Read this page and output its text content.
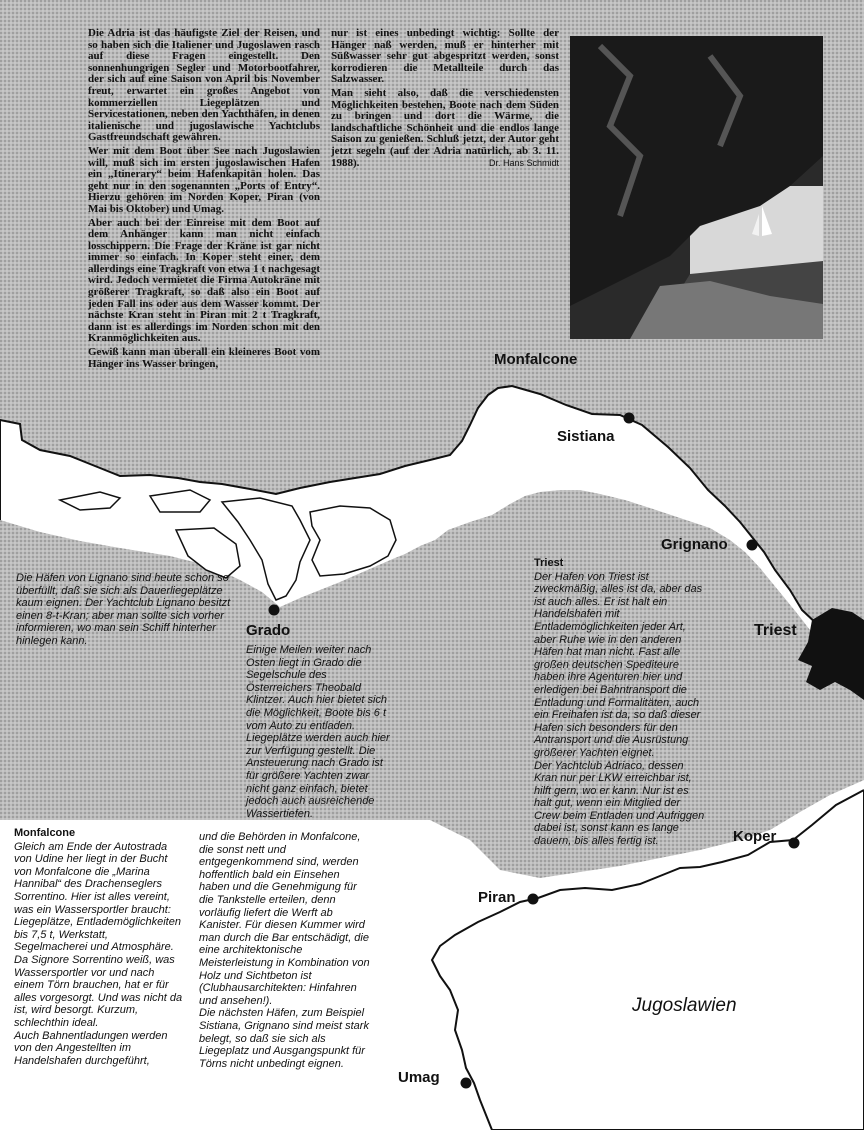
Die Adria ist das häufigste Ziel der Reisen, und so haben sich die Italiener und Jugoslawen rasch auf diese Fragen eingestellt. Den sonnenhungrigen Segler und Motorbootfahrer, der sich auf eine Saison von April bis November freut, erwartet ein großes Angebot von kommerziellen Liegeplätzen und Servicestationen, neben den Yachthäfen, in denen italienische und jugoslawische Yachtclubs Gastfreundschaft gewähren.

Wer mit dem Boot über See nach Jugoslawien will, muß sich im ersten jugoslawischen Hafen ein „Itinerary“ beim Hafenkapitän holen. Das geht nur in den sogenannten „Ports of Entry“. Hierzu gehören im Norden Koper, Piran (von Mai bis Oktober) und Umag.

Aber auch bei der Einreise mit dem Boot auf dem Anhänger kann man nicht einfach losschippern. Die Frage der Kräne ist gar nicht immer so einfach. In Koper steht einer, dem allerdings eine Tragkraft von etwa 1 t nachgesagt wird. Jedoch vermietet die Firma Autokräne mit größerer Tragkraft, so daß also ein Boot auf jeden Fall ins oder aus dem Wasser kommt. Der nächste Kran steht in Piran mit 2 t Tragkraft, dann ist es allerdings im Norden schon mit den Kranmöglichkeiten aus.

Gewiß kann man überall ein kleineres Boot vom Hänger ins Wasser bringen,

nur ist eines unbedingt wichtig: Sollte der Hänger naß werden, muß er hinterher mit Süßwasser sehr gut abgespritzt werden, sonst korrodieren die Metallteile durch das Salzwasser.

Man sieht also, daß die verschiedensten Möglichkeiten bestehen, Boote nach dem Süden zu bringen und dort die Wärme, die landschaftliche Schönheit und die endlos lange Saison zu genießen. Schluß jetzt, der Autor geht jetzt segeln (auf der Adria natürlich, ab 3. 11. 1988).	Dr. Hans Schmidt

Monfalcone
Sistiana
Grignano
Triest
Grado
Koper
Piran
Umag
Jugoslawien

Die Häfen von Lignano sind heute schon so überfüllt, daß sie sich als Dauerliegeplätze kaum eignen. Der Yachtclub Lignano besitzt einen 8-t-Kran; aber man sollte sich vorher informieren, wo man sein Schiff hinterher hinlegen kann.

Einige Meilen weiter nach Osten liegt in Grado die Segelschule des Österreichers Theobald Klintzer. Auch hier bietet sich die Möglichkeit, Boote bis 6 t vom Auto zu entladen. Liegeplätze werden auch hier zur Verfügung gestellt. Die Ansteuerung nach Grado ist für größere Yachten zwar nicht ganz einfach, bietet jedoch auch ausreichende Wassertiefen.

Triest

Der Hafen von Triest ist zweckmäßig, alles ist da, aber das ist auch alles. Er ist halt ein Handelshafen mit Entlademöglichkeiten jeder Art, aber Ruhe wie in den anderen Häfen hat man nicht. Fast alle großen deutschen Spediteure haben ihre Agenturen hier und erledigen bei Bahntransport die Entladung und Formalitäten, auch ein Freihafen ist da, so daß dieser Hafen sich besonders für den Antransport und die Ausrüstung größerer Yachten eignet.

Der Yachtclub Adriaco, dessen Kran nur per LKW erreichbar ist, hilft gern, wo er kann. Nur ist es halt gut, wenn ein Mitglied der Crew beim Entladen und Aufriggen dabei ist, sonst kann es lange dauern, bis alles fertig ist.

Monfalcone

Gleich am Ende der Autostrada von Udine her liegt in der Bucht von Monfalcone die „Marina Hannibal“ des Drachenseglers Sorrentino. Hier ist alles vereint, was ein Wassersportler braucht: Liegeplätze, Entlademöglichkeiten bis 7,5 t, Werkstatt, Segelmacherei und Atmosphäre. Da Signore Sorrentino weiß, was Wassersportler vor und nach einem Törn brauchen, hat er für alles vorgesorgt. Und was nicht da ist, wird besorgt. Kurzum, schlechthin ideal.

Auch Bahnentladungen werden von den Angestellten im Handelshafen durchgeführt,

und die Behörden in Monfalcone, die sonst nett und entgegenkommend sind, werden hoffentlich bald ein Einsehen haben und die Genehmigung für die Tankstelle erteilen, denn vorläufig liefert die Werft ab Kanister. Für diesen Kummer wird man durch die Bar entschädigt, die eine architektonische Meisterleistung in Kombination von Holz und Sichtbeton ist (Clubhausarchitekten: Hinfahren und ansehen!).

Die nächsten Häfen, zum Beispiel Sistiana, Grignano sind meist stark belegt, so daß sie sich als Liegeplatz und Ausgangspunkt für Törns nicht unbedingt eignen.
